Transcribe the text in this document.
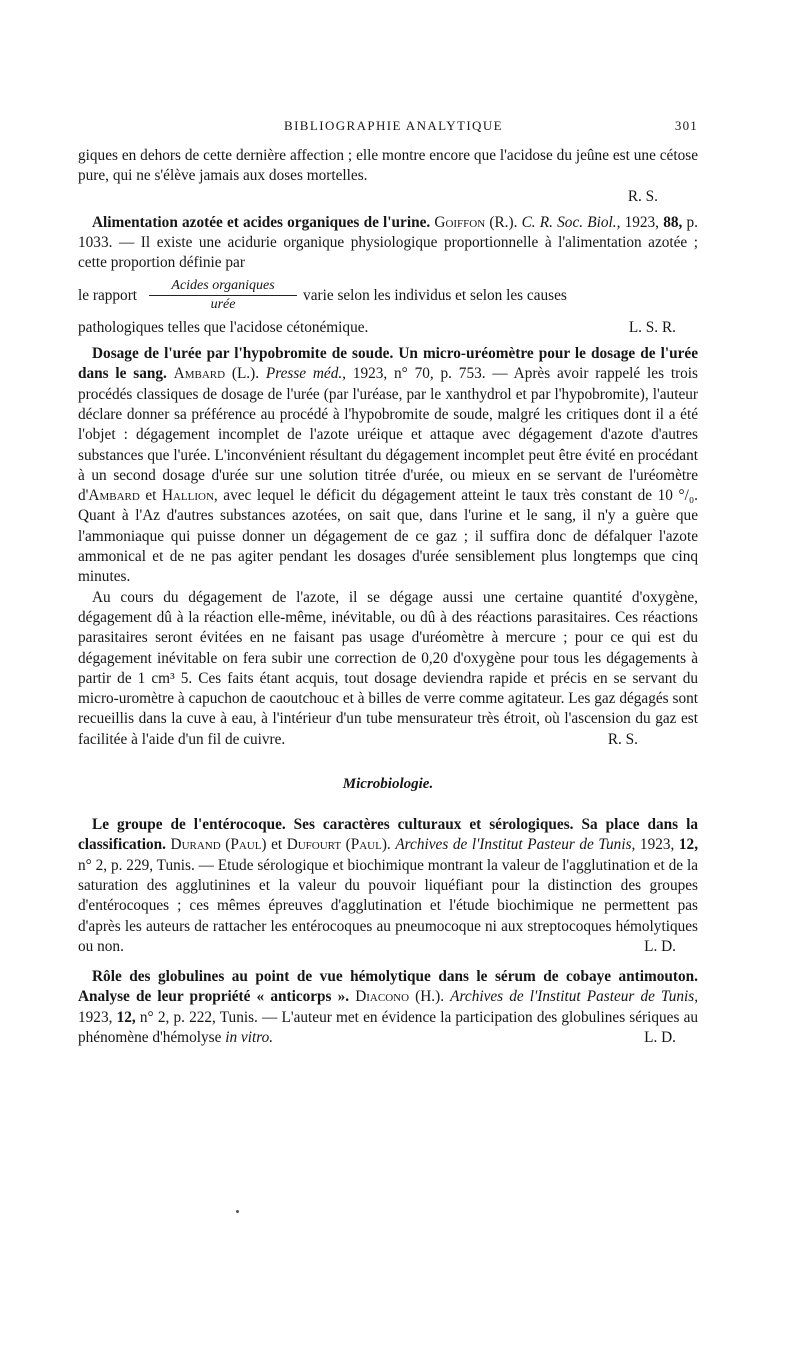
BIBLIOGRAPHIE ANALYTIQUE	301

giques en dehors de cette dernière affection ; elle montre encore que l'acidose du jeûne est une cétose pure, qui ne s'élève jamais aux doses mortelles.

R. S.

Alimentation azotée et acides organiques de l'urine. Goiffon (R.). C. R. Soc. Biol., 1923, 88, p. 1033. — Il existe une acidurie organique physiologique proportionnelle à l'alimentation azotée ; cette proportion définie par

le rapport $\frac{\text{Acides organiques}}{\text{urée}}$ varie selon les individus et selon les causes

pathologiques telles que l'acidose cétonémique.	L. S. R.

Dosage de l'urée par l'hypobromite de soude. Un micro-uréomètre pour le dosage de l'urée dans le sang. Ambard (L.). Presse méd., 1923, n° 70, p. 753. — Après avoir rappelé les trois procédés classiques de dosage de l'urée (par l'uréase, par le xanthydrol et par l'hypobromite), l'auteur déclare donner sa préférence au procédé à l'hypobromite de soude, malgré les critiques dont il a été l'objet : dégagement incomplet de l'azote uréique et attaque avec dégagement d'azote d'autres substances que l'urée. L'inconvénient résultant du dégagement incomplet peut être évité en procédant à un second dosage d'urée sur une solution titrée d'urée, ou mieux en se servant de l'uréomètre d'Ambard et Hallion, avec lequel le déficit du dégagement atteint le taux très constant de 10 °/₀. Quant à l'Az d'autres substances azotées, on sait que, dans l'urine et le sang, il n'y a guère que l'ammoniaque qui puisse donner un dégagement de ce gaz ; il suffira donc de défalquer l'azote ammonical et de ne pas agiter pendant les dosages d'urée sensiblement plus longtemps que cinq minutes.

Au cours du dégagement de l'azote, il se dégage aussi une certaine quantité d'oxygène, dégagement dû à la réaction elle-même, inévitable, ou dû à des réactions parasitaires. Ces réactions parasitaires seront évitées en ne faisant pas usage d'uréomètre à mercure ; pour ce qui est du dégagement inévitable on fera subir une correction de 0,20 d'oxygène pour tous les dégagements à partir de 1 cm³ 5. Ces faits étant acquis, tout dosage deviendra rapide et précis en se servant du micro-uromètre à capuchon de caoutchouc et à billes de verre comme agitateur. Les gaz dégagés sont recueillis dans la cuve à eau, à l'intérieur d'un tube mensurateur très étroit, où l'ascension du gaz est facilitée à l'aide d'un fil de cuivre.	R. S.

Microbiologie.

Le groupe de l'entérocoque. Ses caractères culturaux et sérologiques. Sa place dans la classification. Durand (Paul) et Dufourt (Paul). Archives de l'Institut Pasteur de Tunis, 1923, 12, n° 2, p. 229, Tunis. — Etude sérologique et biochimique montrant la valeur de l'agglutination et de la saturation des agglutinines et la valeur du pouvoir liquéfiant pour la distinction des groupes d'entérocoques ; ces mêmes épreuves d'agglutination et l'étude biochimique ne permettent pas d'après les auteurs de rattacher les entérocoques au pneumocoque ni aux streptocoques hémolytiques ou non.	L. D.

Rôle des globulines au point de vue hémolytique dans le sérum de cobaye antimouton. Analyse de leur propriété « anticorps ». Diacono (H.). Archives de l'Institut Pasteur de Tunis, 1923, 12, n° 2, p. 222, Tunis. — L'auteur met en évidence la participation des globulines sériques au phénomène d'hémolyse in vitro.	L. D.
